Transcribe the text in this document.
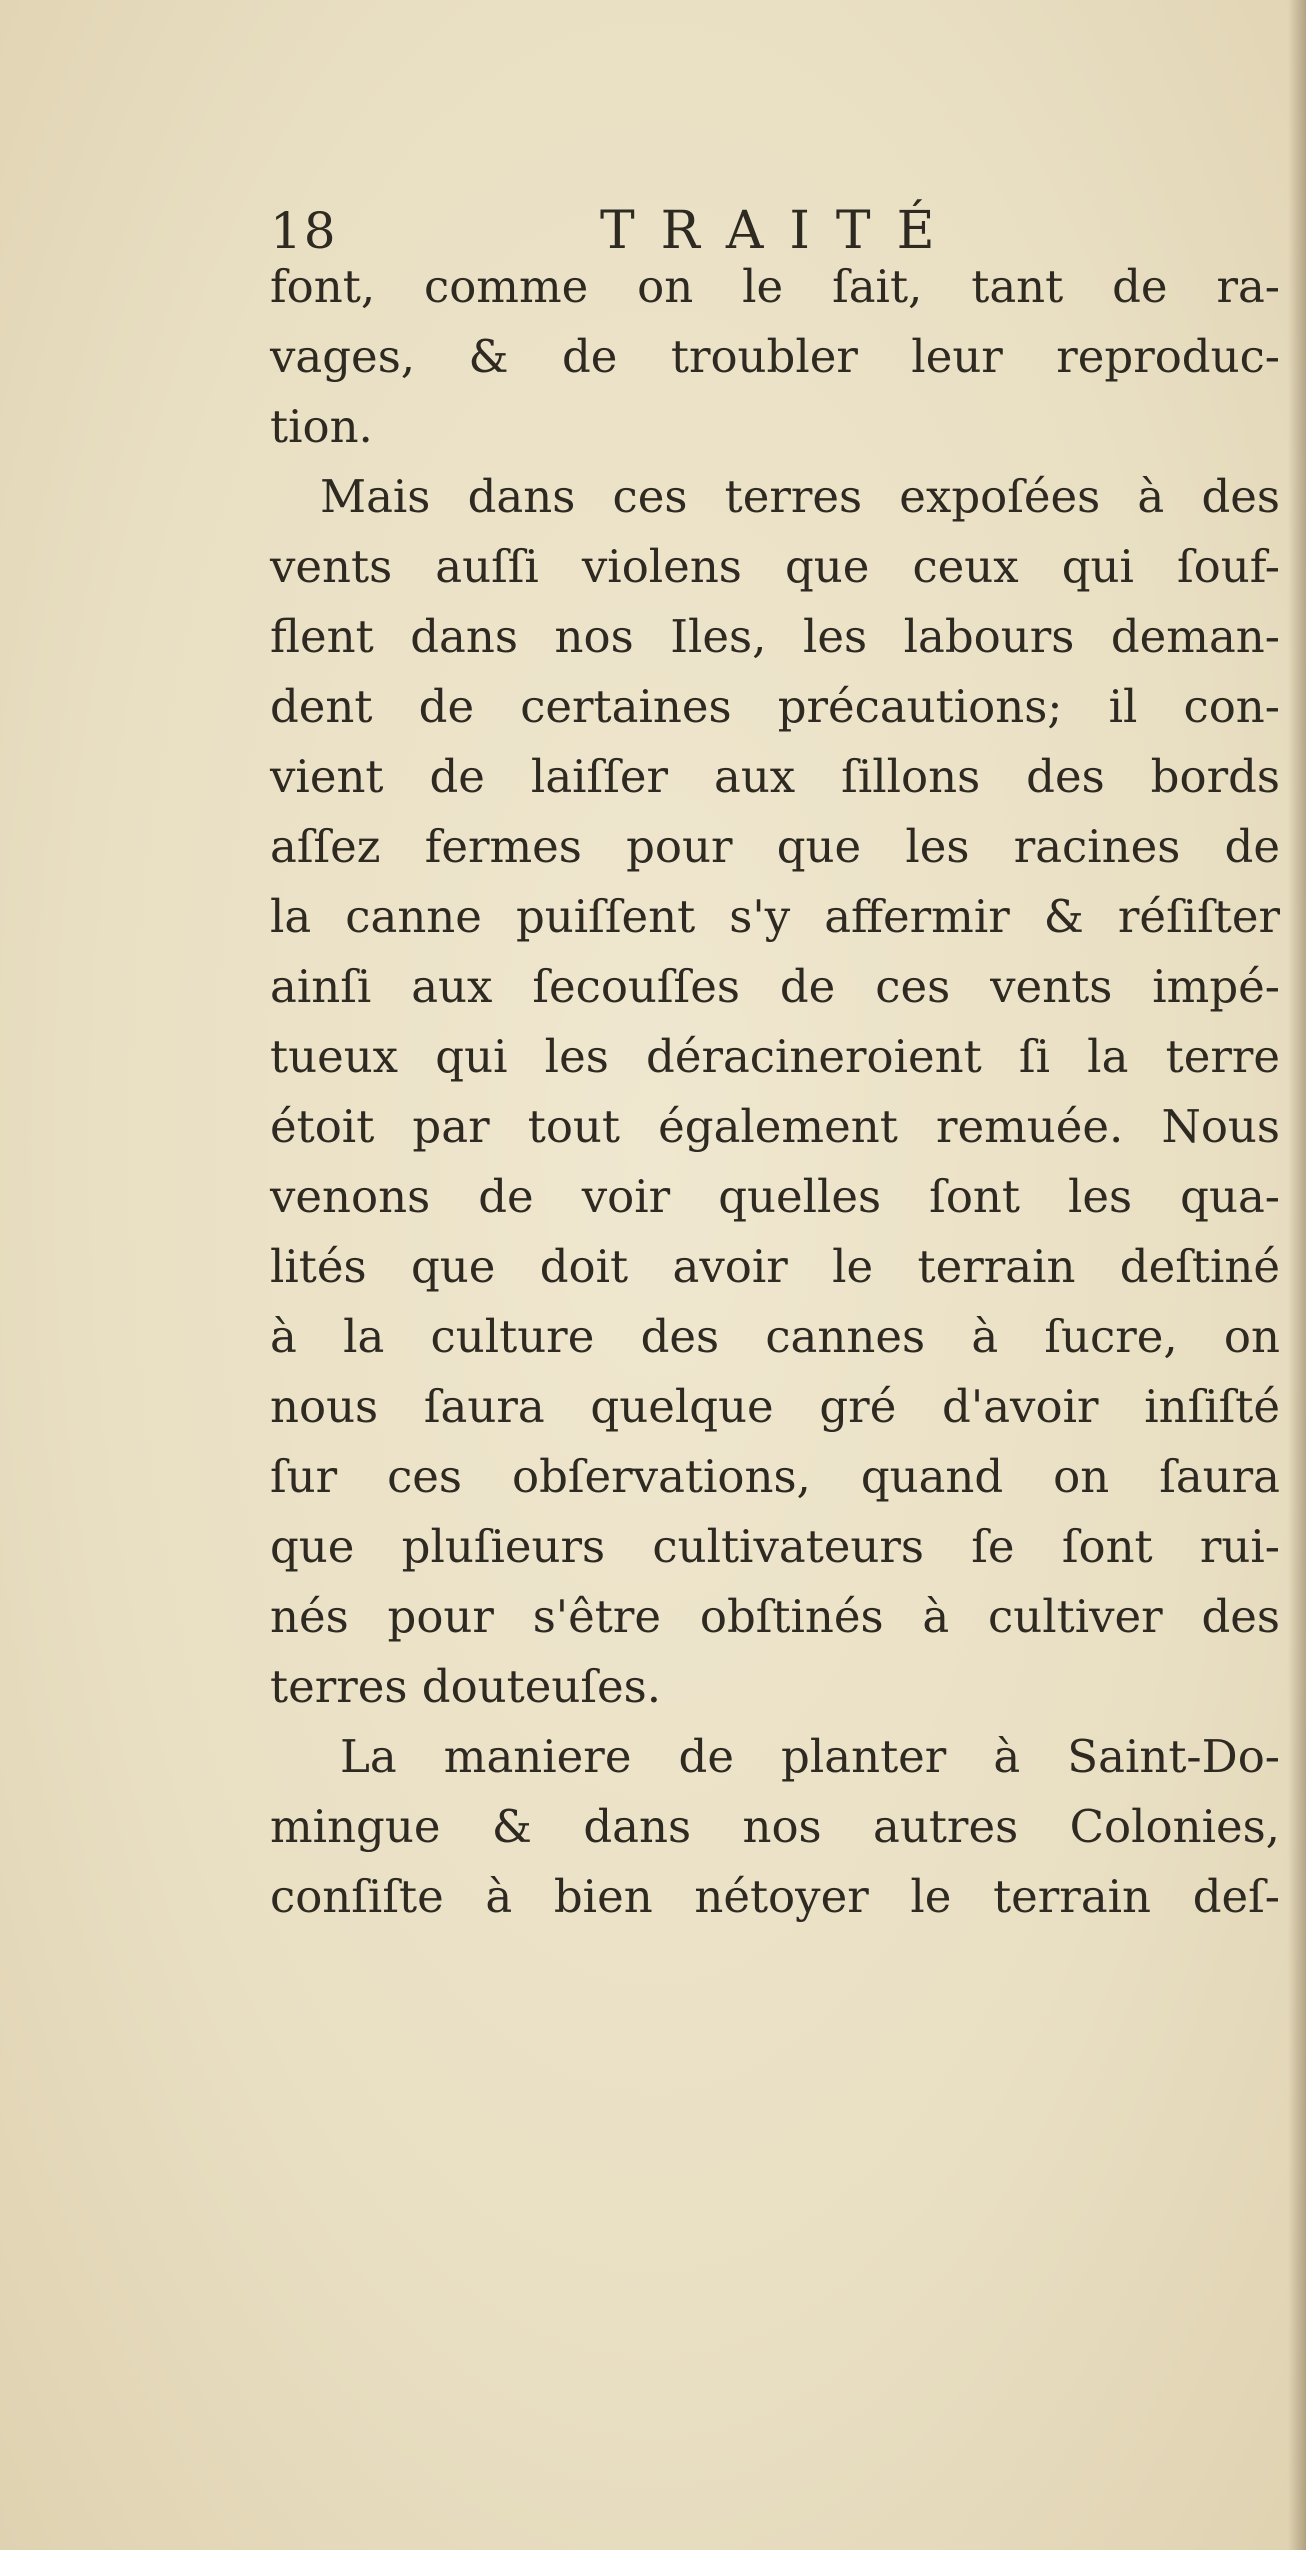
18	TRAITÉ
font, comme on le ſait, tant de ra-
vages, & de troubler leur reproduc-
tion.
Mais dans ces terres expoſées à des
vents auſſi violens que ceux qui ſouf-
flent dans nos Iles, les labours deman-
dent de certaines précautions; il con-
vient de laiſſer aux ſillons des bords
aſſez fermes pour que les racines de
la canne puiſſent s'y affermir & réſiſter
ainſi aux ſecouſſes de ces vents impé-
tueux qui les déracineroient ſi la terre
étoit par tout également remuée. Nous
venons de voir quelles ſont les qua-
lités que doit avoir le terrain deſtiné
à la culture des cannes à ſucre, on
nous ſaura quelque gré d'avoir inſiſté
ſur ces obſervations, quand on ſaura
que pluſieurs cultivateurs ſe ſont rui-
nés pour s'être obſtinés à cultiver des
terres douteuſes.
La maniere de planter à Saint-Do-
mingue & dans nos autres Colonies,
conſiſte à bien nétoyer le terrain deſ-
